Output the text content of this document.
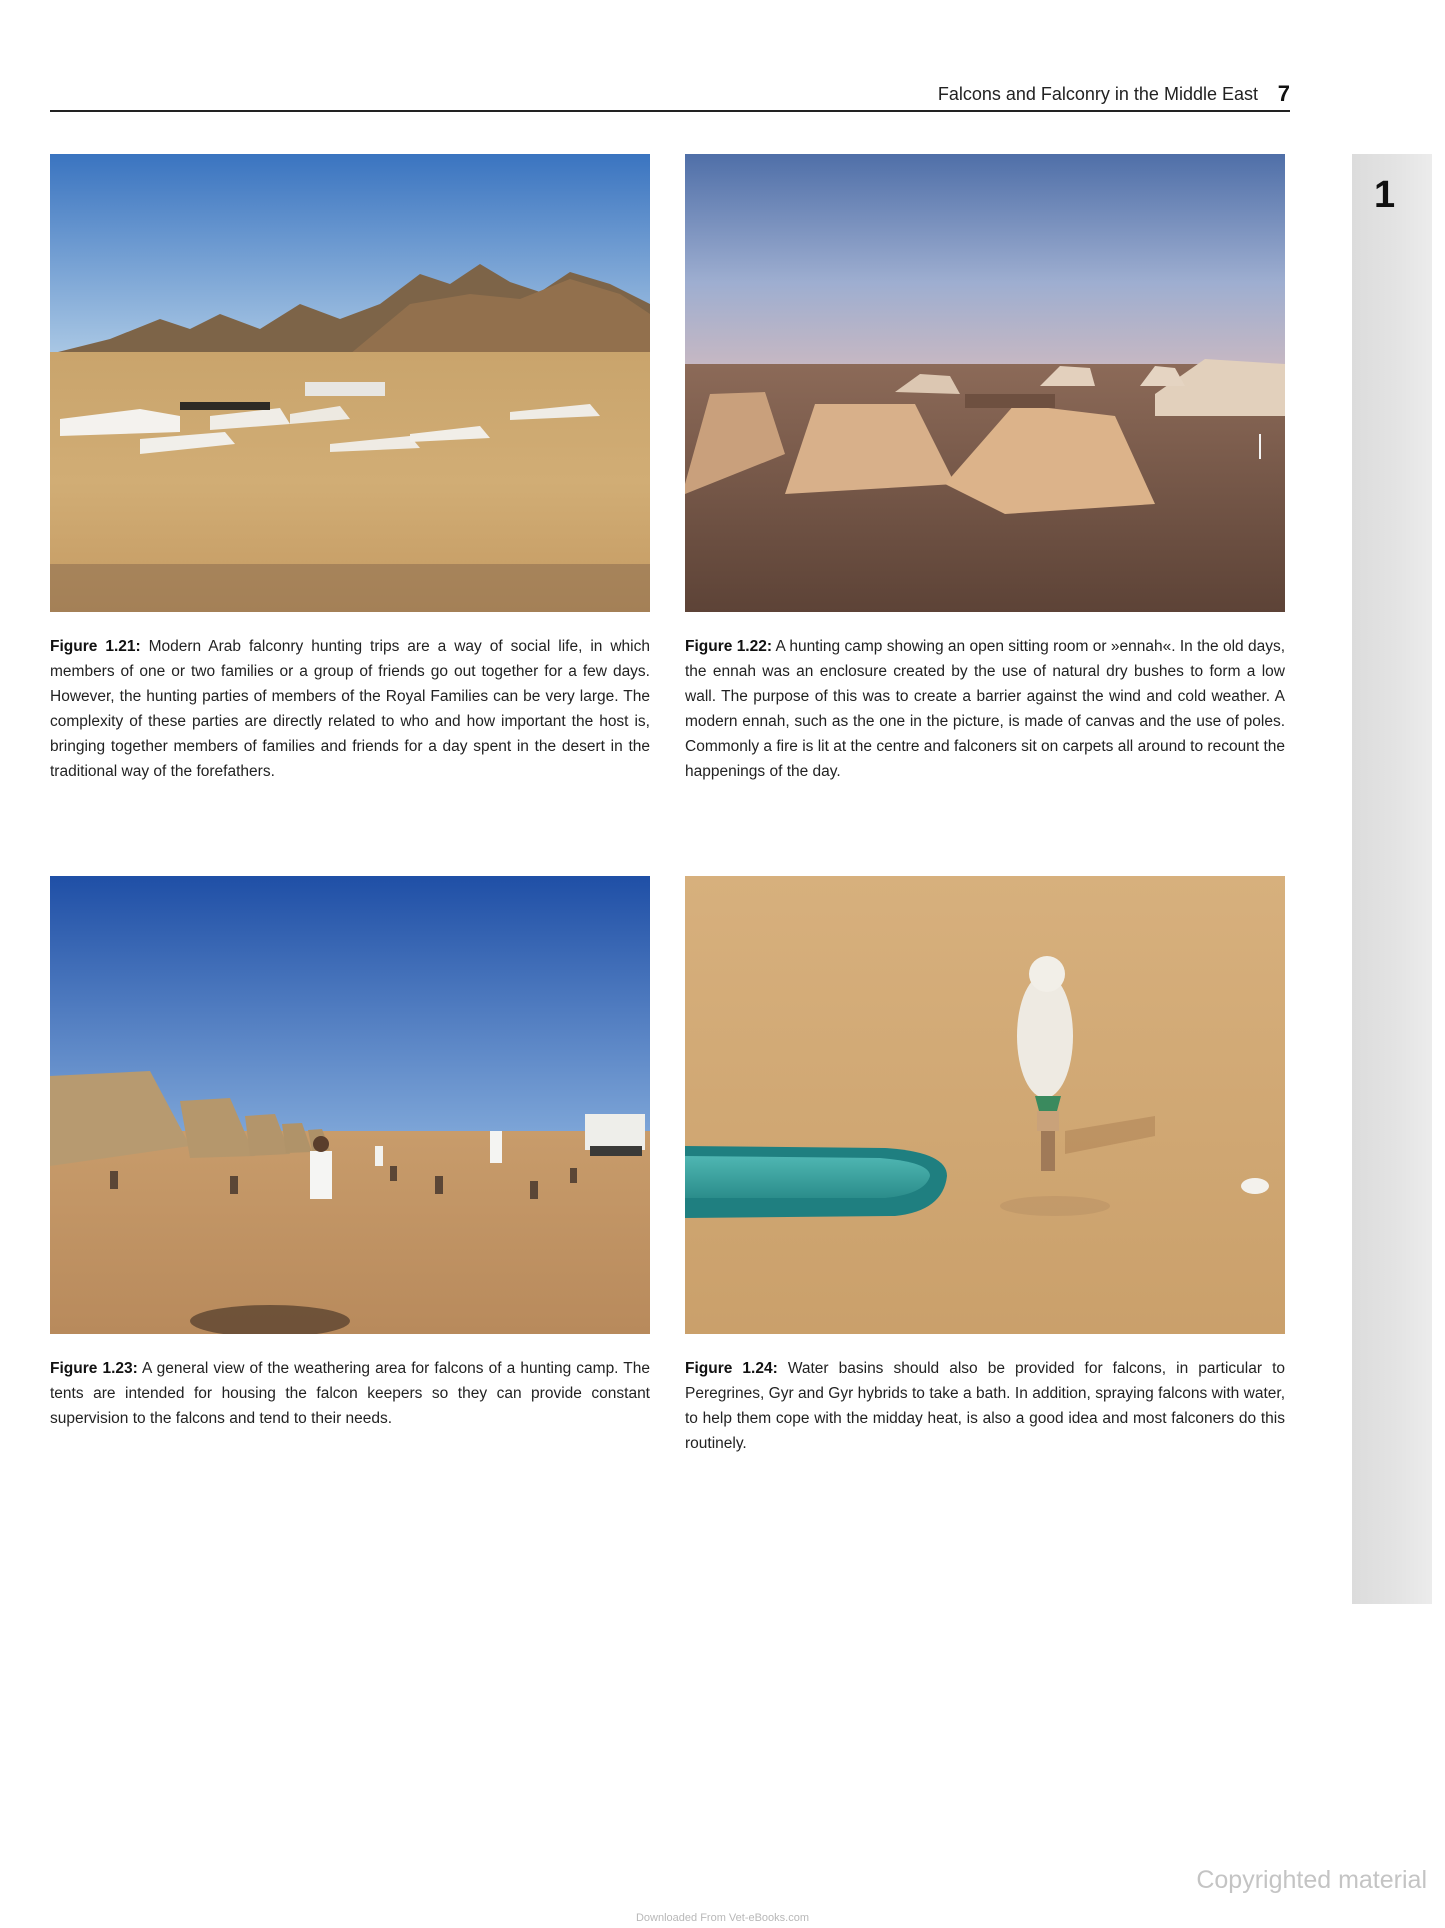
Falcons and Falconry in the Middle East 7
1
Figure 1.21: Modern Arab falconry hunting trips are a way of social life, in which members of one or two families or a group of friends go out together for a few days. However, the hunting parties of members of the Royal Families can be very large. The complexity of these parties are directly related to who and how important the host is, bringing together members of families and friends for a day spent in the desert in the traditional way of the forefathers.
Figure 1.22: A hunting camp showing an open sitting room or »ennah«. In the old days, the ennah was an enclosure created by the use of natural dry bushes to form a low wall. The purpose of this was to create a barrier against the wind and cold weather. A modern ennah, such as the one in the picture, is made of canvas and the use of poles. Commonly a fire is lit at the centre and falconers sit on carpets all around to recount the happenings of the day.
Figure 1.23: A general view of the weathering area for falcons of a hunting camp. The tents are intended for housing the falcon keepers so they can provide constant supervision to the falcons and tend to their needs.
Figure 1.24: Water basins should also be provided for falcons, in particular to Peregrines, Gyr and Gyr hybrids to take a bath. In addition, spraying falcons with water, to help them cope with the midday heat, is also a good idea and most falconers do this routinely.
Copyrighted material
Downloaded From Vet-eBooks.com
